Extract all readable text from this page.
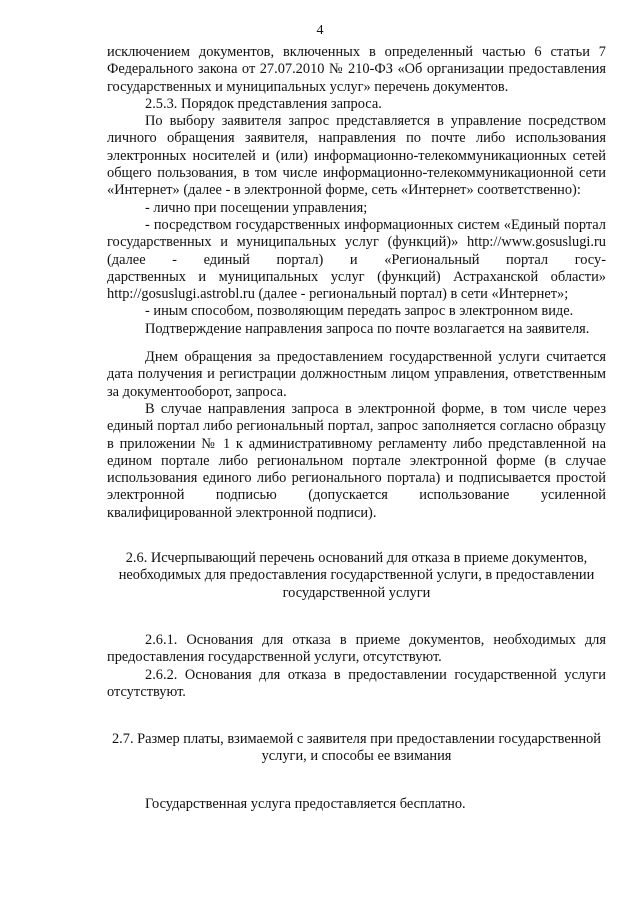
4

исключением документов, включенных в определенный частью 6 статьи 7 Федерального закона от 27.07.2010 № 210-ФЗ «Об организации предоставления государственных и муниципальных услуг» перечень документов.

2.5.3. Порядок представления запроса.

По выбору заявителя запрос представляется в управление посредством личного обращения заявителя, направления по почте либо использования электронных носителей и (или) информационно-телекоммуникационных сетей общего пользования, в том числе информационно-телекоммуникационной сети «Интернет» (далее - в электронной форме, сеть «Интернет» соответственно):

- лично при посещении управления;

- посредством государственных информационных систем «Единый портал государственных и муниципальных услуг (функций)» http://www.gosuslugi.ru (далее - единый портал) и «Региональный портал госу-

дарственных и муниципальных услуг (функций) Астраханской области» http://gosuslugi.astrobl.ru (далее - региональный портал) в сети «Интернет»;

- иным способом, позволяющим передать запрос в электронном виде.

Подтверждение направления запроса по почте возлагается на заявителя.

Днем обращения за предоставлением государственной услуги считается дата получения и регистрации должностным лицом управления, ответственным за документооборот, запроса.

В случае направления запроса в электронной форме, в том числе через единый портал либо региональный портал, запрос заполняется согласно образцу в приложении № 1 к административному регламенту либо представленной на едином портале либо региональном портале электронной форме (в случае использования единого либо регионального портала) и подписывается простой электронной подписью (допускается использование усиленной квалифицированной электронной подписи).

2.6. Исчерпывающий перечень оснований для отказа в приеме документов, необходимых для предоставления государственной услуги, в предоставлении государственной услуги

2.6.1. Основания для отказа в приеме документов, необходимых для предоставления государственной услуги, отсутствуют.

2.6.2. Основания для отказа в предоставлении государственной услуги отсутствуют.

2.7. Размер платы, взимаемой с заявителя при предоставлении государственной услуги, и способы ее взимания

Государственная услуга предоставляется бесплатно.
